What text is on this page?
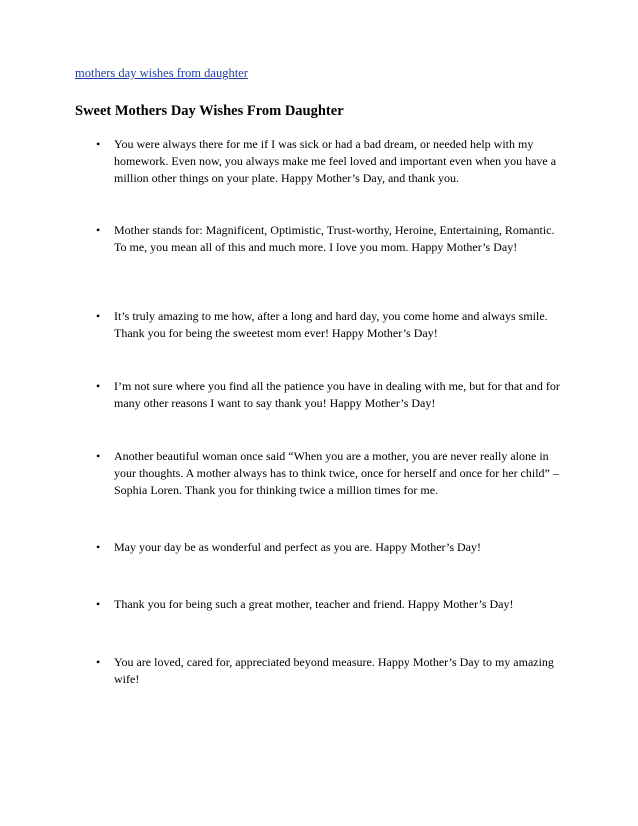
mothers day wishes from daughter
Sweet Mothers Day Wishes From Daughter
• You were always there for me if I was sick or had a bad dream, or needed help with my homework. Even now, you always make me feel loved and important even when you have a million other things on your plate. Happy Mother’s Day, and thank you.
• Mother stands for: Magnificent, Optimistic, Trust-worthy, Heroine, Entertaining, Romantic. To me, you mean all of this and much more. I love you mom. Happy Mother’s Day!
• It’s truly amazing to me how, after a long and hard day, you come home and always smile. Thank you for being the sweetest mom ever! Happy Mother’s Day!
• I’m not sure where you find all the patience you have in dealing with me, but for that and for many other reasons I want to say thank you! Happy Mother’s Day!
• Another beautiful woman once said “When you are a mother, you are never really alone in your thoughts. A mother always has to think twice, once for herself and once for her child” – Sophia Loren. Thank you for thinking twice a million times for me.
• May your day be as wonderful and perfect as you are. Happy Mother’s Day!
• Thank you for being such a great mother, teacher and friend. Happy Mother’s Day!
• You are loved, cared for, appreciated beyond measure. Happy Mother’s Day to my amazing wife!
